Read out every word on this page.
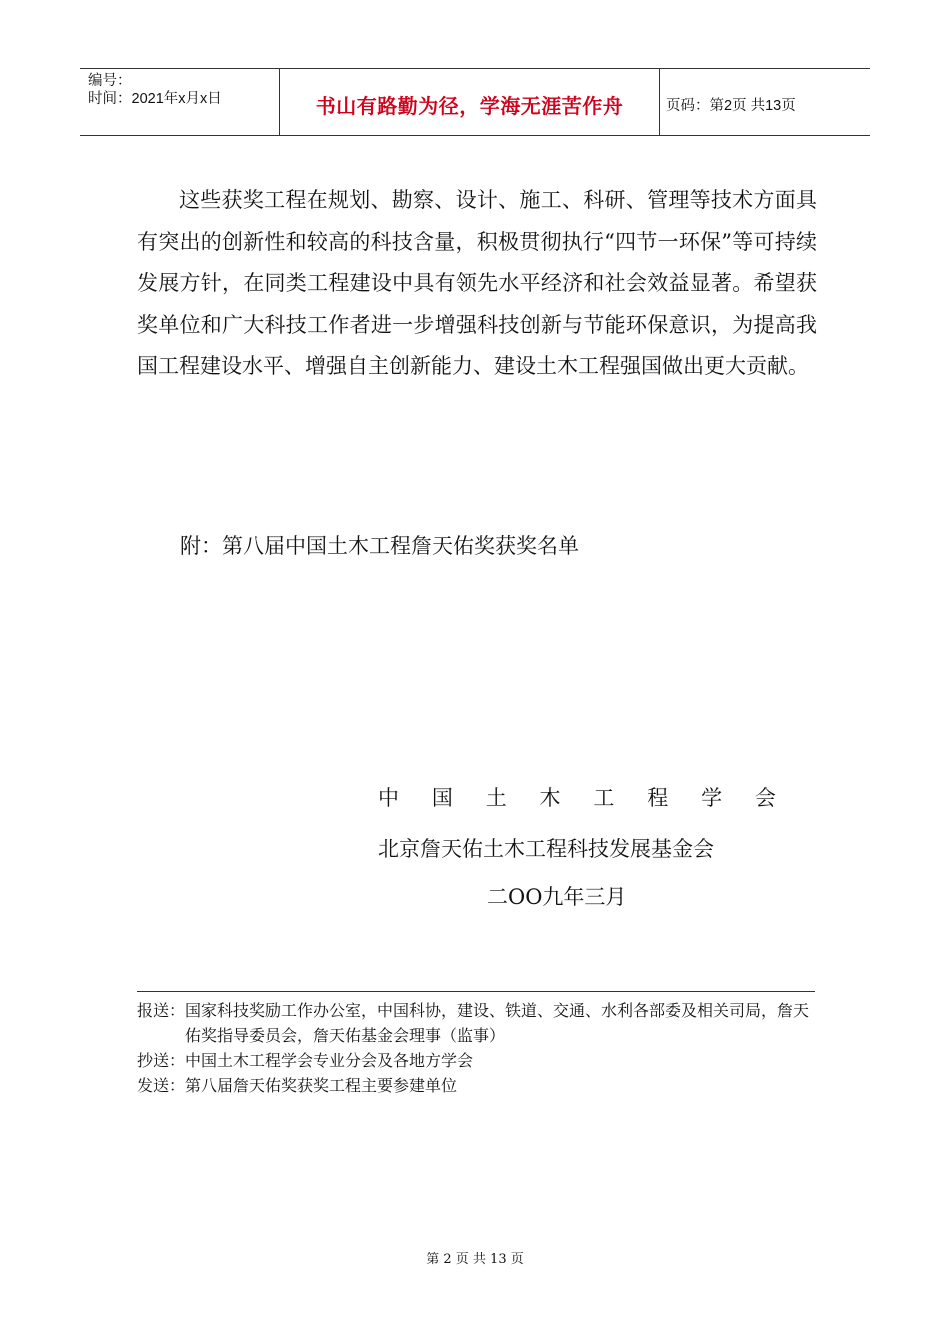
编号：
时间：2021年x月x日	书山有路勤为径，学海无涯苦作舟	页码：第2页 共13页

这些获奖工程在规划、勘察、设计、施工、科研、管理等技术方面具有突出的创新性和较高的科技含量，积极贯彻执行“四节一环保”等可持续发展方针，在同类工程建设中具有领先水平经济和社会效益显著。希望获奖单位和广大科技工作者进一步增强科技创新与节能环保意识，为提高我国工程建设水平、增强自主创新能力、建设土木工程强国做出更大贡献。

附：第八届中国土木工程詹天佑奖获奖名单

中 国 土 木 工 程 学 会
北京詹天佑土木工程科技发展基金会
二OO九年三月
报送： 国家科技奖励工作办公室，中国科协，建设、铁道、交通、水利各部委及相关司局，詹天佑奖指导委员会，詹天佑基金会理事（监事）
抄送： 中国土木工程学会专业分会及各地方学会
发送： 第八届詹天佑奖获奖工程主要参建单位
第 2 页 共 13 页
